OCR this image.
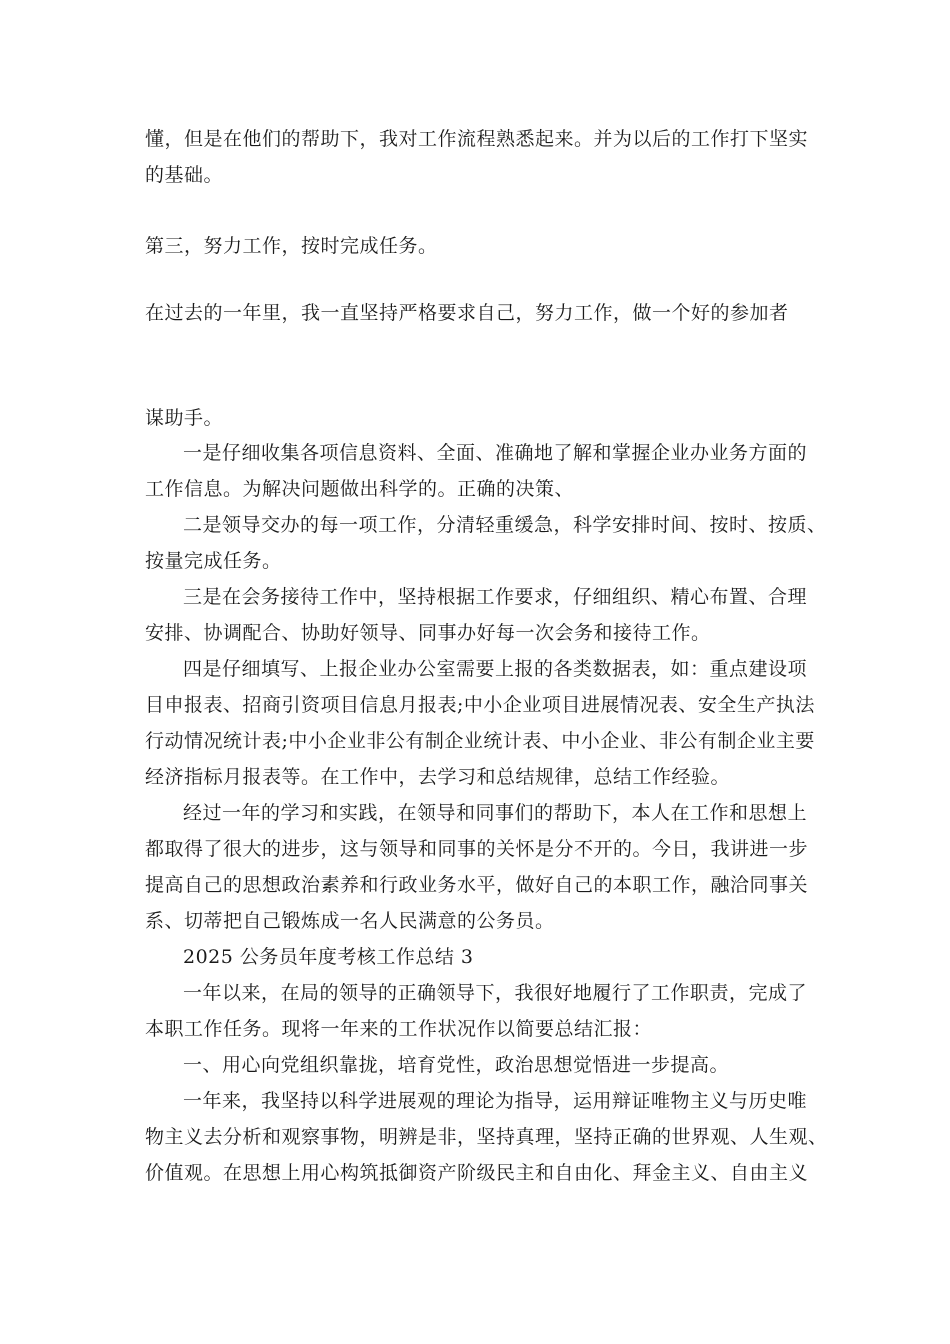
懂，但是在他们的帮助下，我对工作流程熟悉起来。并为以后的工作打下坚实
的基础。
第三，努力工作，按时完成任务。
在过去的一年里，我一直坚持严格要求自己，努力工作，做一个好的参加者
谋助手。
一是仔细收集各项信息资料、全面、准确地了解和掌握企业办业务方面的
工作信息。为解决问题做出科学的。正确的决策、
二是领导交办的每一项工作，分清轻重缓急，科学安排时间、按时、按质、
按量完成任务。
三是在会务接待工作中，坚持根据工作要求，仔细组织、精心布置、合理
安排、协调配合、协助好领导、同事办好每一次会务和接待工作。
四是仔细填写、上报企业办公室需要上报的各类数据表，如：重点建设项
目申报表、招商引资项目信息月报表;中小企业项目进展情况表、安全生产执法
行动情况统计表;中小企业非公有制企业统计表、中小企业、非公有制企业主要
经济指标月报表等。在工作中，去学习和总结规律，总结工作经验。
经过一年的学习和实践，在领导和同事们的帮助下，本人在工作和思想上
都取得了很大的进步，这与领导和同事的关怀是分不开的。今日，我讲进一步
提高自己的思想政治素养和行政业务水平，做好自己的本职工作，融洽同事关
系、切蒂把自己锻炼成一名人民满意的公务员。
2025 公务员年度考核工作总结 3
一年以来，在局的领导的正确领导下，我很好地履行了工作职责，完成了
本职工作任务。现将一年来的工作状况作以简要总结汇报：
一、用心向党组织靠拢，培育党性，政治思想觉悟进一步提高。
一年来，我坚持以科学进展观的理论为指导，运用辩证唯物主义与历史唯
物主义去分析和观察事物，明辨是非，坚持真理，坚持正确的世界观、人生观、
价值观。在思想上用心构筑抵御资产阶级民主和自由化、拜金主义、自由主义
